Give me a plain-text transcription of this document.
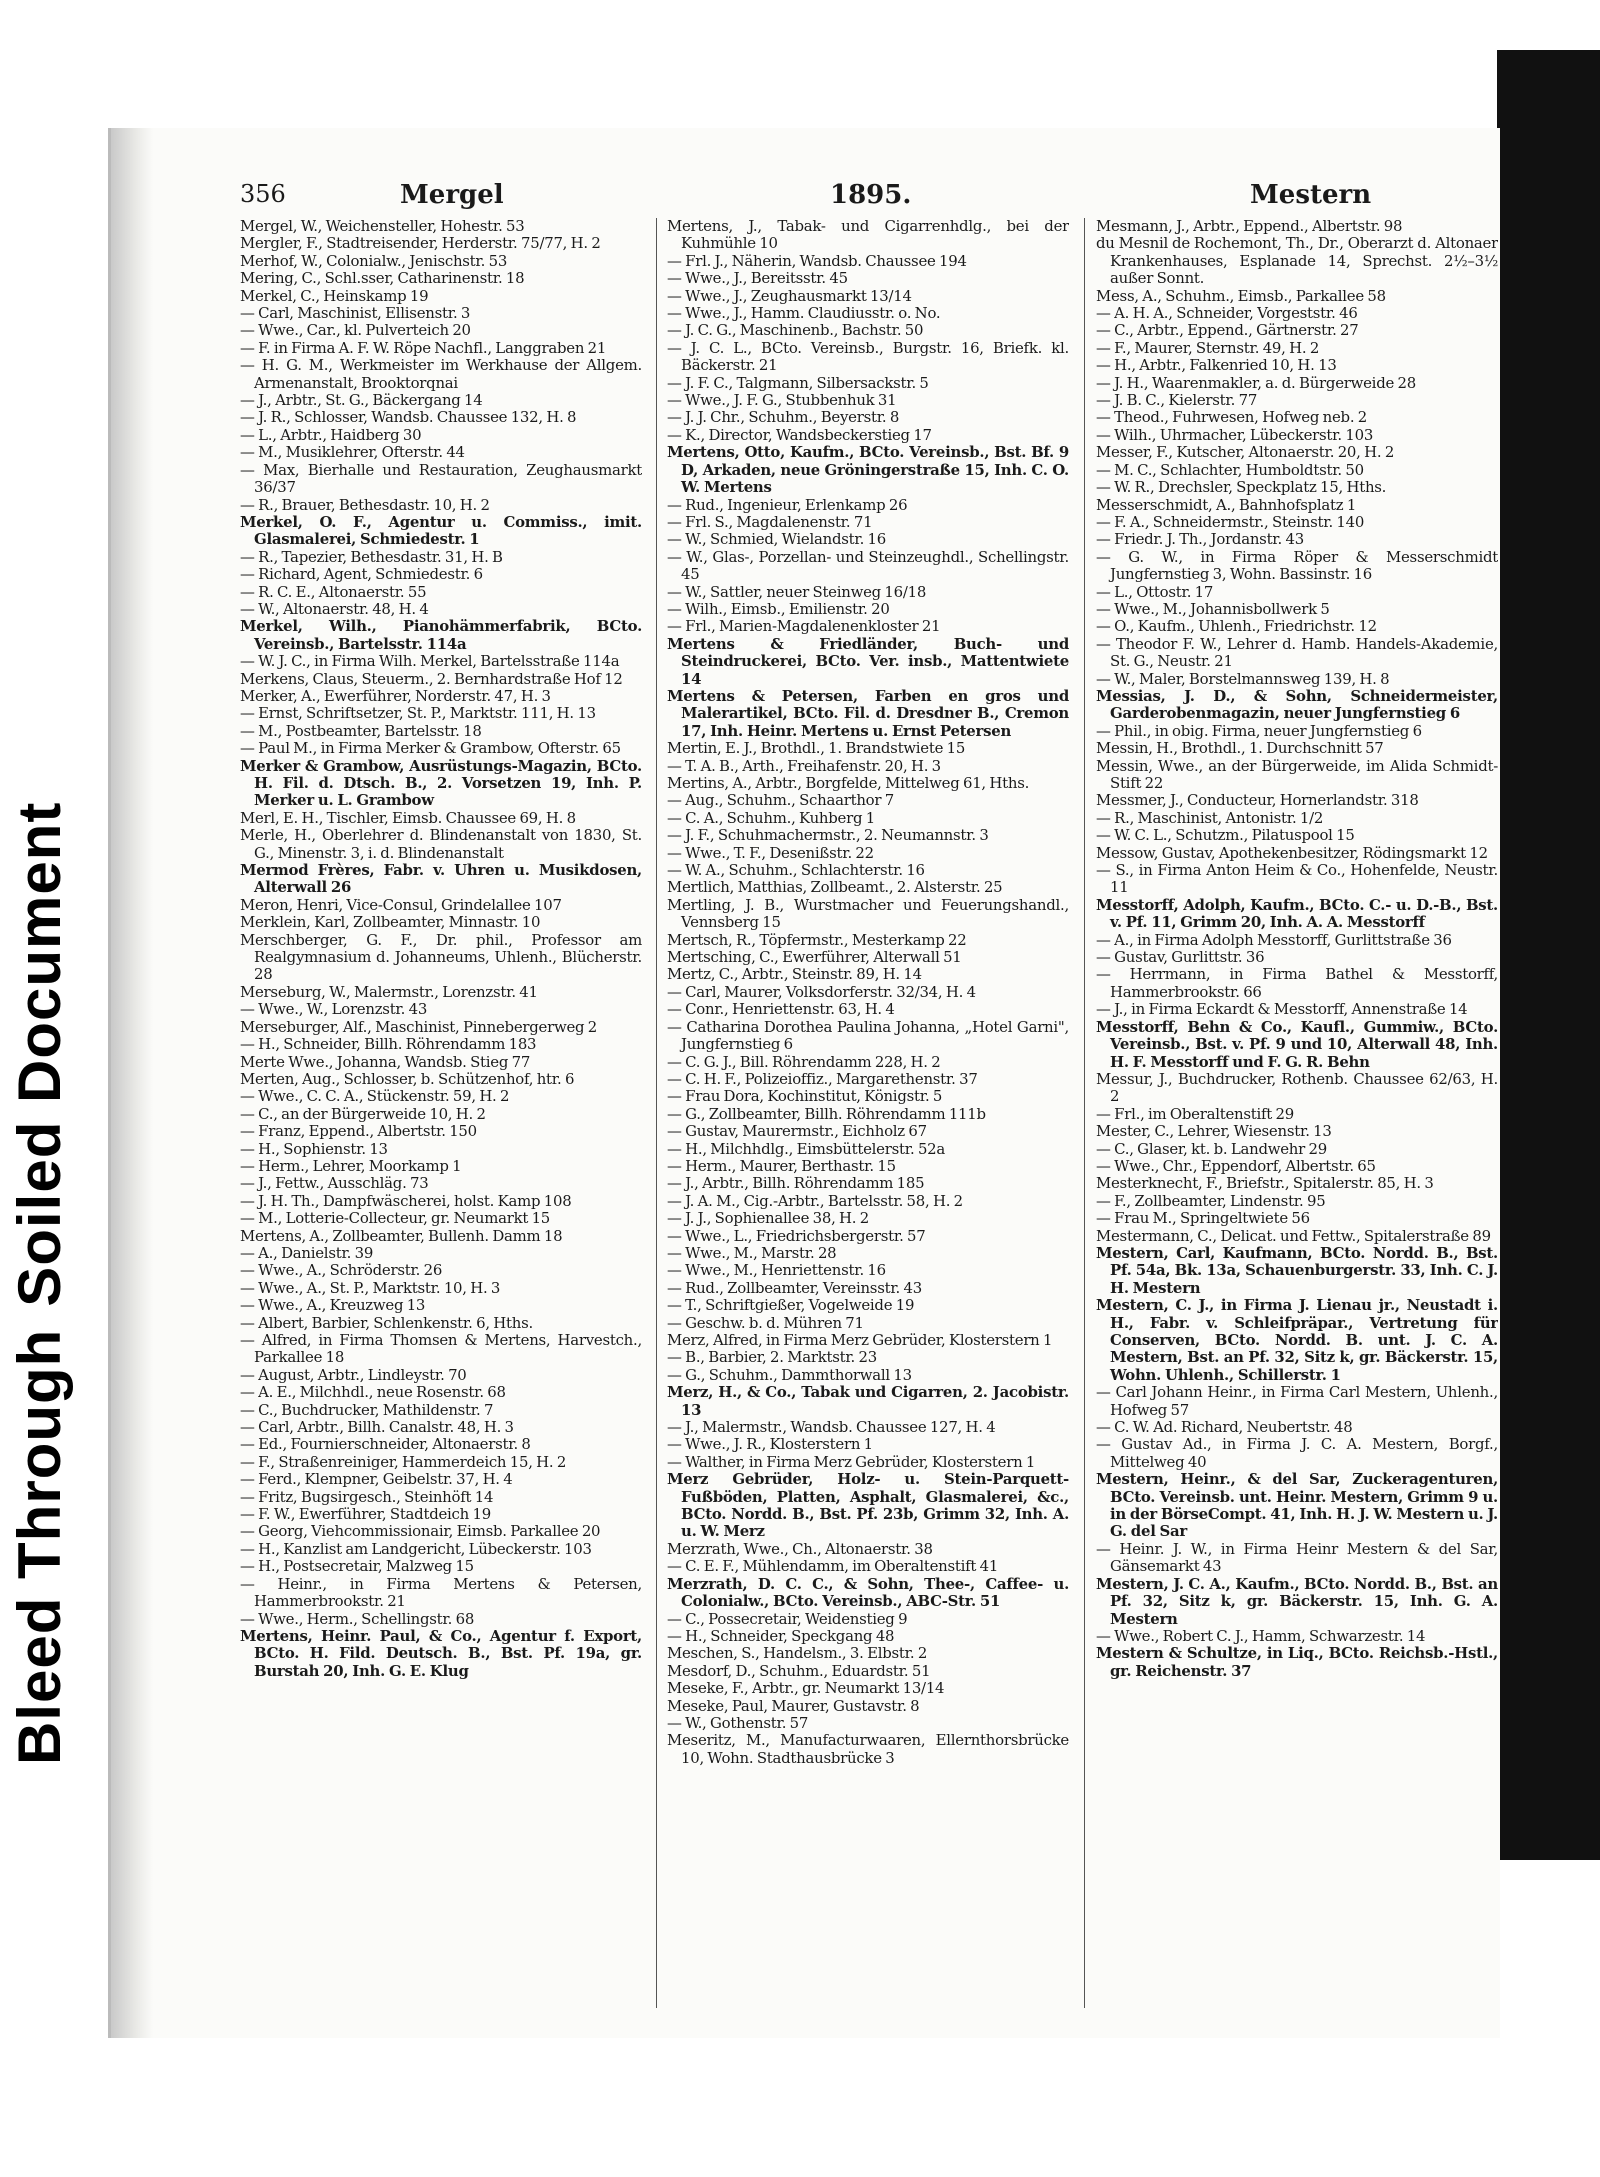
Bleed ThroughSoiled Document
356	Mergel	1895.	Mestern

Mergel, W., Weichensteller, Hohestr. 53

Mergler, F., Stadtreisender, Herderstr. 75/77, H. 2

Merhof, W., Colonialw., Jenischstr. 53

Mering, C., Schl.sser, Catharinenstr. 18

Merkel, C., Heinskamp 19

— Carl, Maschinist, Ellisenstr. 3

— Wwe., Car., kl. Pulverteich 20

— F. in Firma A. F. W. Röpe Nachfl., Langgraben 21

— H. G. M., Werkmeister im Werkhause der Allgem. Armenanstalt, Brooktorqnai

— J., Arbtr., St. G., Bäckergang 14

— J. R., Schlosser, Wandsb. Chaussee 132, H. 8

— L., Arbtr., Haidberg 30

— M., Musiklehrer, Ofterstr. 44

— Max, Bierhalle und Restauration, Zeughausmarkt 36/37

— R., Brauer, Bethesdastr. 10, H. 2

Merkel, O. F., Agentur u. Commiss., imit. Glasmalerei, Schmiedestr. 1

— R., Tapezier, Bethesdastr. 31, H. B

— Richard, Agent, Schmiedestr. 6

— R. C. E., Altonaerstr. 55

— W., Altonaerstr. 48, H. 4

Merkel, Wilh., Pianohämmerfabrik, BCto. Vereinsb., Bartelsstr. 114a

— W. J. C., in Firma Wilh. Merkel, Bartelsstraße 114a

Merkens, Claus, Steuerm., 2. Bernhardstraße Hof 12

Merker, A., Ewerführer, Norderstr. 47, H. 3

— Ernst, Schriftsetzer, St. P., Marktstr. 111, H. 13

— M., Postbeamter, Bartelsstr. 18

— Paul M., in Firma Merker & Grambow, Ofterstr. 65

Merker & Grambow, Ausrüstungs-Magazin, BCto. H. Fil. d. Dtsch. B., 2. Vorsetzen 19, Inh. P. Merker u. L. Grambow

Merl, E. H., Tischler, Eimsb. Chaussee 69, H. 8

Merle, H., Oberlehrer d. Blindenanstalt von 1830, St. G., Minenstr. 3, i. d. Blindenanstalt

Mermod Frères, Fabr. v. Uhren u. Musikdosen, Alterwall 26

Meron, Henri, Vice-Consul, Grindelallee 107

Merklein, Karl, Zollbeamter, Minnastr. 10

Merschberger, G. F., Dr. phil., Professor am Realgymnasium d. Johanneums, Uhlenh., Blücherstr. 28

Merseburg, W., Malermstr., Lorenzstr. 41

— Wwe., W., Lorenzstr. 43

Merseburger, Alf., Maschinist, Pinnebergerweg 2

— H., Schneider, Billh. Röhrendamm 183

Merte Wwe., Johanna, Wandsb. Stieg 77

Merten, Aug., Schlosser, b. Schützenhof, htr. 6

— Wwe., C. C. A., Stückenstr. 59, H. 2

— C., an der Bürgerweide 10, H. 2

— Franz, Eppend., Albertstr. 150

— H., Sophienstr. 13

— Herm., Lehrer, Moorkamp 1

— J., Fettw., Ausschläg. 73

— J. H. Th., Dampfwäscherei, holst. Kamp 108

— M., Lotterie-Collecteur, gr. Neumarkt 15

Mertens, A., Zollbeamter, Bullenh. Damm 18

— A., Danielstr. 39

— Wwe., A., Schröderstr. 26

— Wwe., A., St. P., Marktstr. 10, H. 3

— Wwe., A., Kreuzweg 13

— Albert, Barbier, Schlenkenstr. 6, Hths.

— Alfred, in Firma Thomsen & Mertens, Harvestch., Parkallee 18

— August, Arbtr., Lindleystr. 70

— A. E., Milchhdl., neue Rosenstr. 68

— C., Buchdrucker, Mathildenstr. 7

— Carl, Arbtr., Billh. Canalstr. 48, H. 3

— Ed., Fournierschneider, Altonaerstr. 8

— F., Straßenreiniger, Hammerdeich 15, H. 2

— Ferd., Klempner, Geibelstr. 37, H. 4

— Fritz, Bugsirgesch., Steinhöft 14

— F. W., Ewerführer, Stadtdeich 19

— Georg, Viehcommissionair, Eimsb. Parkallee 20

— H., Kanzlist am Landgericht, Lübeckerstr. 103

— H., Postsecretair, Malzweg 15

— Heinr., in Firma Mertens & Petersen, Hammerbrookstr. 21

— Wwe., Herm., Schellingstr. 68

Mertens, Heinr. Paul, & Co., Agentur f. Export, BCto. H. Fild. Deutsch. B., Bst. Pf. 19a, gr. Burstah 20, Inh. G. E. Klug

Mertens, J., Tabak- und Cigarrenhdlg., bei der Kuhmühle 10

— Frl. J., Näherin, Wandsb. Chaussee 194

— Wwe., J., Bereitsstr. 45

— Wwe., J., Zeughausmarkt 13/14

— Wwe., J., Hamm. Claudiusstr. o. No.

— J. C. G., Maschinenb., Bachstr. 50

— J. C. L., BCto. Vereinsb., Burgstr. 16, Briefk. kl. Bäckerstr. 21

— J. F. C., Talgmann, Silbersackstr. 5

— Wwe., J. F. G., Stubbenhuk 31

— J. J. Chr., Schuhm., Beyerstr. 8

— K., Director, Wandsbeckerstieg 17

Mertens, Otto, Kaufm., BCto. Vereinsb., Bst. Bf. 9 D, Arkaden, neue Gröningerstraße 15, Inh. C. O. W. Mertens

— Rud., Ingenieur, Erlenkamp 26

— Frl. S., Magdalenenstr. 71

— W., Schmied, Wielandstr. 16

— W., Glas-, Porzellan- und Steinzeughdl., Schellingstr. 45

— W., Sattler, neuer Steinweg 16/18

— Wilh., Eimsb., Emilienstr. 20

— Frl., Marien-Magdalenenkloster 21

Mertens & Friedländer, Buch- und Steindruckerei, BCto. Ver. insb., Mattentwiete 14

Mertens & Petersen, Farben en gros und Malerartikel, BCto. Fil. d. Dresdner B., Cremon 17, Inh. Heinr. Mertens u. Ernst Petersen

Mertin, E. J., Brothdl., 1. Brandstwiete 15

— T. A. B., Arth., Freihafenstr. 20, H. 3

Mertins, A., Arbtr., Borgfelde, Mittelweg 61, Hths.

— Aug., Schuhm., Schaarthor 7

— C. A., Schuhm., Kuhberg 1

— J. F., Schuhmachermstr., 2. Neumannstr. 3

— Wwe., T. F., Desenißstr. 22

— W. A., Schuhm., Schlachterstr. 16

Mertlich, Matthias, Zollbeamt., 2. Alsterstr. 25

Mertling, J. B., Wurstmacher und Feuerungshandl., Vennsberg 15

Mertsch, R., Töpfermstr., Mesterkamp 22

Mertsching, C., Ewerführer, Alterwall 51

Mertz, C., Arbtr., Steinstr. 89, H. 14

— Carl, Maurer, Volksdorferstr. 32/34, H. 4

— Conr., Henriettenstr. 63, H. 4

— Catharina Dorothea Paulina Johanna, „Hotel Garni", Jungfernstieg 6

— C. G. J., Bill. Röhrendamm 228, H. 2

— C. H. F., Polizeioffiz., Margarethenstr. 37

— Frau Dora, Kochinstitut, Königstr. 5

— G., Zollbeamter, Billh. Röhrendamm 111b

— Gustav, Maurermstr., Eichholz 67

— H., Milchhdlg., Eimsbüttelerstr. 52a

— Herm., Maurer, Berthastr. 15

— J., Arbtr., Billh. Röhrendamm 185

— J. A. M., Cig.-Arbtr., Bartelsstr. 58, H. 2

— J. J., Sophienallee 38, H. 2

— Wwe., L., Friedrichsbergerstr. 57

— Wwe., M., Marstr. 28

— Wwe., M., Henriettenstr. 16

— Rud., Zollbeamter, Vereinsstr. 43

— T., Schriftgießer, Vogelweide 19

— Geschw. b. d. Mühren 71

Merz, Alfred, in Firma Merz Gebrüder, Klosterstern 1

— B., Barbier, 2. Marktstr. 23

— G., Schuhm., Dammthorwall 13

Merz, H., & Co., Tabak und Cigarren, 2. Jacobistr. 13

— J., Malermstr., Wandsb. Chaussee 127, H. 4

— Wwe., J. R., Klosterstern 1

— Walther, in Firma Merz Gebrüder, Klosterstern 1

Merz Gebrüder, Holz- u. Stein-Parquett-Fußböden, Platten, Asphalt, Glasmalerei, &c., BCto. Nordd. B., Bst. Pf. 23b, Grimm 32, Inh. A. u. W. Merz

Merzrath, Wwe., Ch., Altonaerstr. 38

— C. E. F., Mühlendamm, im Oberaltenstift 41

Merzrath, D. C. C., & Sohn, Thee-, Caffee- u. Colonialw., BCto. Vereinsb., ABC-Str. 51

— C., Possecretair, Weidenstieg 9

— H., Schneider, Speckgang 48

Meschen, S., Handelsm., 3. Elbstr. 2

Mesdorf, D., Schuhm., Eduardstr. 51

Meseke, F., Arbtr., gr. Neumarkt 13/14

Meseke, Paul, Maurer, Gustavstr. 8

— W., Gothenstr. 57

Meseritz, M., Manufacturwaaren, Ellernthorsbrücke 10, Wohn. Stadthausbrücke 3

Mesmann, J., Arbtr., Eppend., Albertstr. 98

du Mesnil de Rochemont, Th., Dr., Oberarzt d. Altonaer Krankenhauses, Esplanade 14, Sprechst. 2½–3½ außer Sonnt.

Mess, A., Schuhm., Eimsb., Parkallee 58

— A. H. A., Schneider, Vorgeststr. 46

— C., Arbtr., Eppend., Gärtnerstr. 27

— F., Maurer, Sternstr. 49, H. 2

— H., Arbtr., Falkenried 10, H. 13

— J. H., Waarenmakler, a. d. Bürgerweide 28

— J. B. C., Kielerstr. 77

— Theod., Fuhrwesen, Hofweg neb. 2

— Wilh., Uhrmacher, Lübeckerstr. 103

Messer, F., Kutscher, Altonaerstr. 20, H. 2

— M. C., Schlachter, Humboldtstr. 50

— W. R., Drechsler, Speckplatz 15, Hths.

Messerschmidt, A., Bahnhofsplatz 1

— F. A., Schneidermstr., Steinstr. 140

— Friedr. J. Th., Jordanstr. 43

— G. W., in Firma Röper & Messerschmidt Jungfernstieg 3, Wohn. Bassinstr. 16

— L., Ottostr. 17

— Wwe., M., Johannisbollwerk 5

— O., Kaufm., Uhlenh., Friedrichstr. 12

— Theodor F. W., Lehrer d. Hamb. Handels-Akademie, St. G., Neustr. 21

— W., Maler, Borstelmannsweg 139, H. 8

Messias, J. D., & Sohn, Schneidermeister, Garderobenmagazin, neuer Jungfernstieg 6

— Phil., in obig. Firma, neuer Jungfernstieg 6

Messin, H., Brothdl., 1. Durchschnitt 57

Messin, Wwe., an der Bürgerweide, im Alida Schmidt-Stift 22

Messmer, J., Conducteur, Hornerlandstr. 318

— R., Maschinist, Antonistr. 1/2

— W. C. L., Schutzm., Pilatuspool 15

Messow, Gustav, Apothekenbesitzer, Rödingsmarkt 12

— S., in Firma Anton Heim & Co., Hohenfelde, Neustr. 11

Messtorff, Adolph, Kaufm., BCto. C.- u. D.-B., Bst. v. Pf. 11, Grimm 20, Inh. A. A. Messtorff

— A., in Firma Adolph Messtorff, Gurlittstraße 36

— Gustav, Gurlittstr. 36

— Herrmann, in Firma Bathel & Messtorff, Hammerbrookstr. 66

— J., in Firma Eckardt & Messtorff, Annenstraße 14

Messtorff, Behn & Co., Kaufl., Gummiw., BCto. Vereinsb., Bst. v. Pf. 9 und 10, Alterwall 48, Inh. H. F. Messtorff und F. G. R. Behn

Messur, J., Buchdrucker, Rothenb. Chaussee 62/63, H. 2

— Frl., im Oberaltenstift 29

Mester, C., Lehrer, Wiesenstr. 13

— C., Glaser, kt. b. Landwehr 29

— Wwe., Chr., Eppendorf, Albertstr. 65

Mesterknecht, F., Briefstr., Spitalerstr. 85, H. 3

— F., Zollbeamter, Lindenstr. 95

— Frau M., Springeltwiete 56

Mestermann, C., Delicat. und Fettw., Spitalerstraße 89

Mestern, Carl, Kaufmann, BCto. Nordd. B., Bst. Pf. 54a, Bk. 13a, Schauenburgerstr. 33, Inh. C. J. H. Mestern

Mestern, C. J., in Firma J. Lienau jr., Neustadt i. H., Fabr. v. Schleifpräpar., Vertretung für Conserven, BCto. Nordd. B. unt. J. C. A. Mestern, Bst. an Pf. 32, Sitz k, gr. Bäckerstr. 15, Wohn. Uhlenh., Schillerstr. 1

— Carl Johann Heinr., in Firma Carl Mestern, Uhlenh., Hofweg 57

— C. W. Ad. Richard, Neubertstr. 48

— Gustav Ad., in Firma J. C. A. Mestern, Borgf., Mittelweg 40

Mestern, Heinr., & del Sar, Zuckeragenturen, BCto. Vereinsb. unt. Heinr. Mestern, Grimm 9 u. in der BörseCompt. 41, Inh. H. J. W. Mestern u. J. G. del Sar

— Heinr. J. W., in Firma Heinr Mestern & del Sar, Gänsemarkt 43

Mestern, J. C. A., Kaufm., BCto. Nordd. B., Bst. an Pf. 32, Sitz k, gr. Bäckerstr. 15, Inh. G. A. Mestern

— Wwe., Robert C. J., Hamm, Schwarzestr. 14

Mestern & Schultze, in Liq., BCto. Reichsb.-Hstl., gr. Reichenstr. 37
